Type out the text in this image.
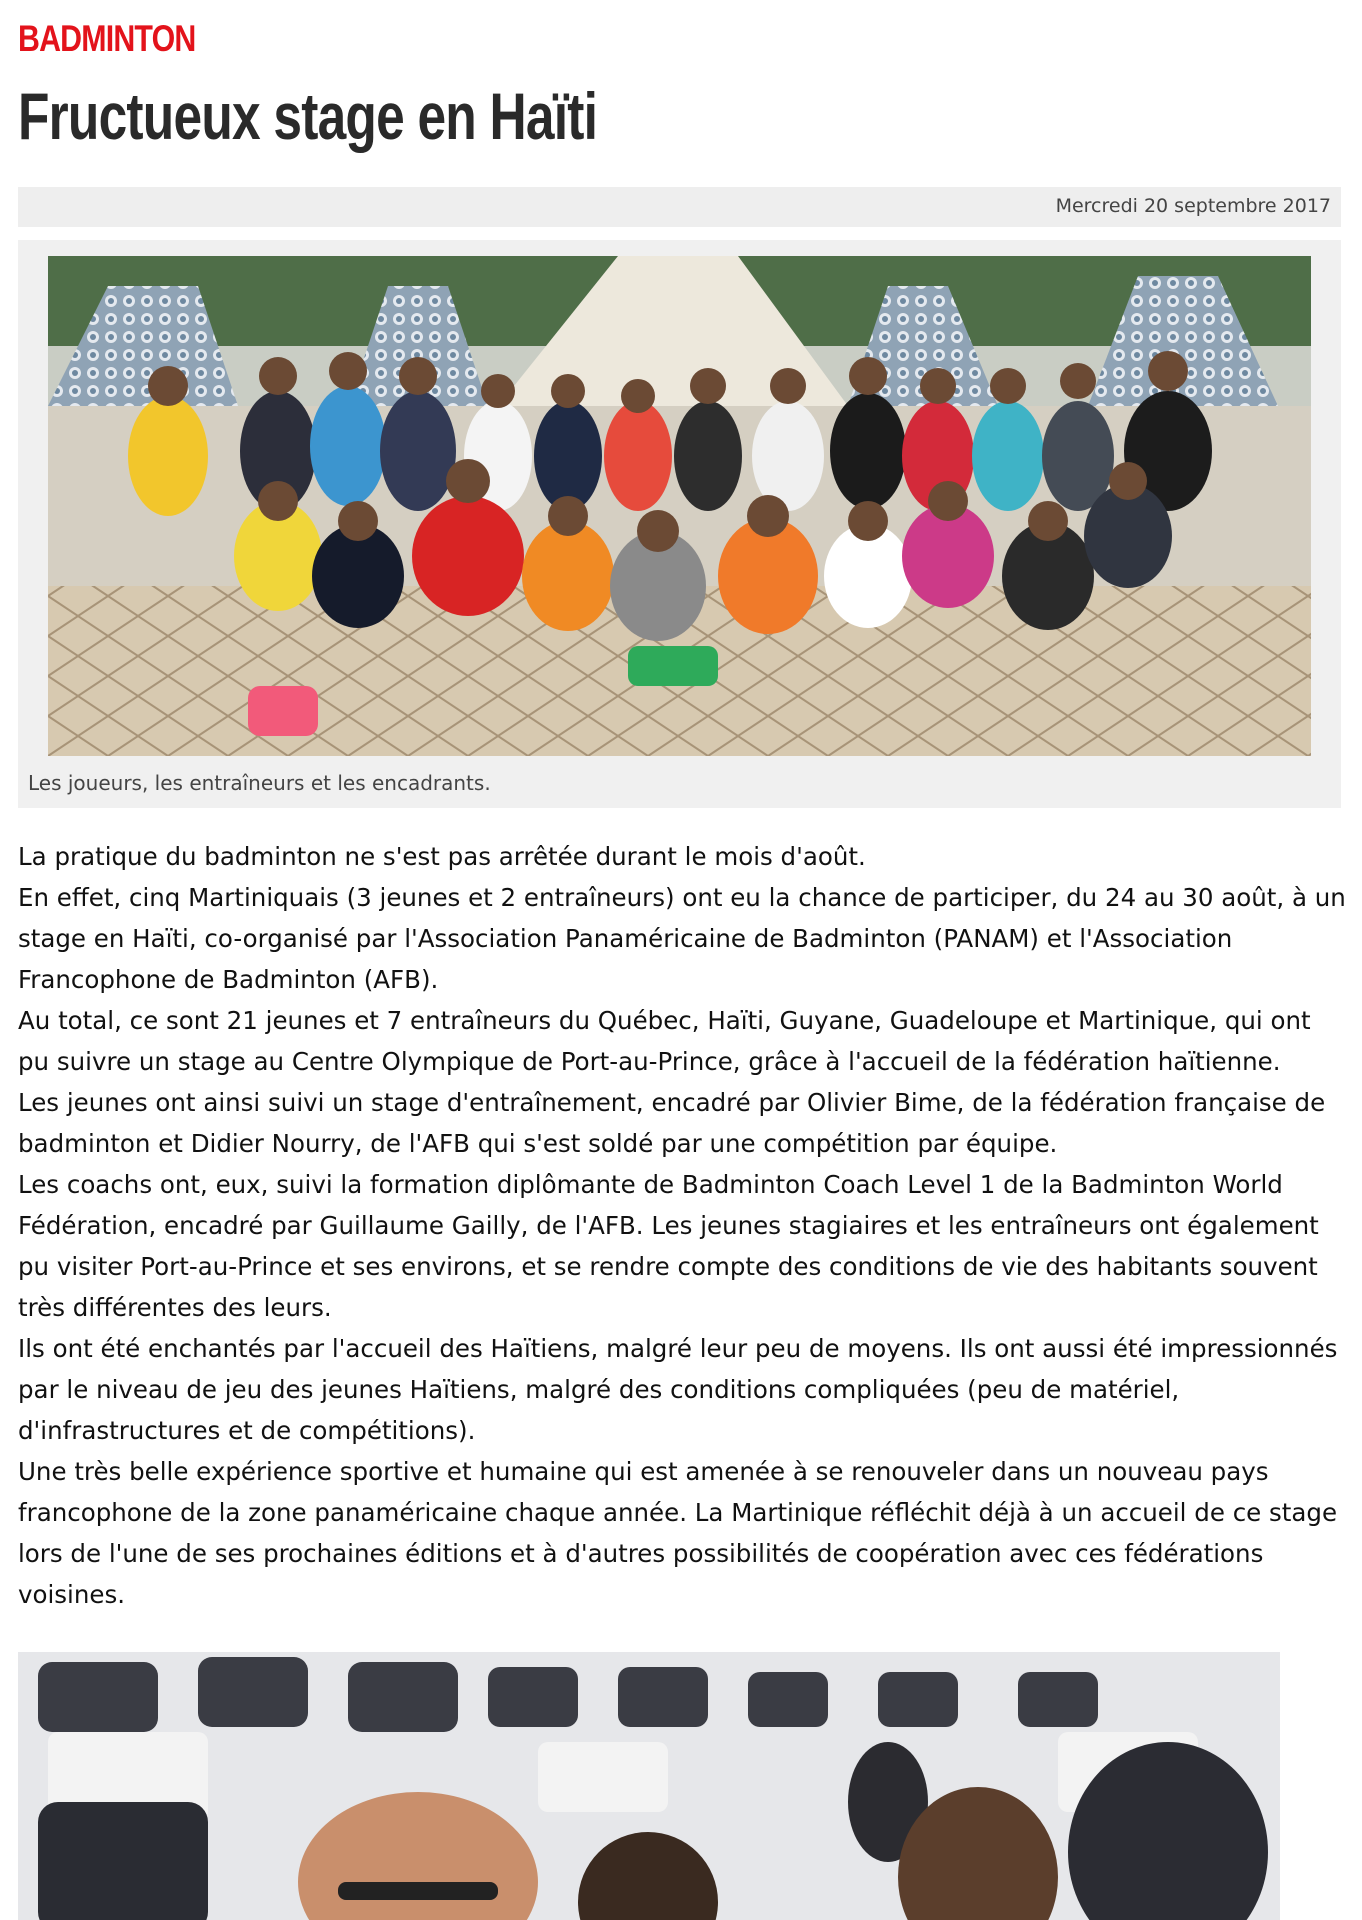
BADMINTON
Fructueux stage en Haïti
Mercredi 20 septembre 2017
Les joueurs, les entraîneurs et les encadrants.

La pratique du badminton ne s'est pas arrêtée durant le mois d'août.

En effet, cinq Martiniquais (3 jeunes et 2 entraîneurs) ont eu la chance de participer, du 24 au 30 août, à un stage en Haïti, co-organisé par l'Association Panaméricaine de Badminton (PANAM) et l'Association Francophone de Badminton (AFB).

Au total, ce sont 21 jeunes et 7 entraîneurs du Québec, Haïti, Guyane, Guadeloupe et Martinique, qui ont pu suivre un stage au Centre Olympique de Port-au-Prince, grâce à l'accueil de la fédération haïtienne.

Les jeunes ont ainsi suivi un stage d'entraînement, encadré par Olivier Bime, de la fédération française de badminton et Didier Nourry, de l'AFB qui s'est soldé par une compétition par équipe.

Les coachs ont, eux, suivi la formation diplômante de Badminton Coach Level 1 de la Badminton World Fédération, encadré par Guillaume Gailly, de l'AFB. Les jeunes stagiaires et les entraîneurs ont également pu visiter Port-au-Prince et ses environs, et se rendre compte des conditions de vie des habitants souvent très différentes des leurs.

Ils ont été enchantés par l'accueil des Haïtiens, malgré leur peu de moyens. Ils ont aussi été impressionnés par le niveau de jeu des jeunes Haïtiens, malgré des conditions compliquées (peu de matériel, d'infrastructures et de compétitions).

Une très belle expérience sportive et humaine qui est amenée à se renouveler dans un nouveau pays francophone de la zone panaméricaine chaque année. La Martinique réfléchit déjà à un accueil de ce stage lors de l'une de ses prochaines éditions et à d'autres possibilités de coopération avec ces fédérations voisines.
